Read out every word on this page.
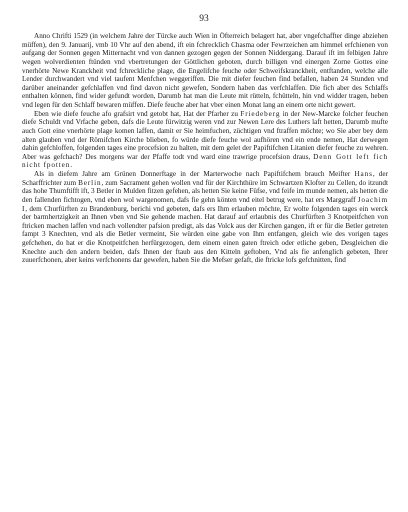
93

Anno Chrifti 1529 (in welchem Jahre der Türcke auch Wien in Öfterreich belagert hat, aber vngefchaffter dinge abziehen müffen), den 9. Januarij, vmb 10 Vhr auf den abend, ift ein fchrecklich Chasma oder Fewrzeichen am himmel erfchienen von aufgang der Sonnen gegen Mitternacht vnd von dannen gezogen gegen der Sonnen Niddergang. Darauf ift im felbigen Jahre wegen wolverdienten ftünden vnd vbertretungen der Göttlichen geboten, durch billigen vnd einergen Zorne Gottes eine vnerhörte Newe Kranckheit vnd fchreckliche plage, die Engelifche feuche oder Schweifskranckheit, entftanden, welche alle Lender durchwandert vnd viel taufent Menfchen weggeriffen. Die mit diefer feuchen find befallen, haben 24 Stunden vnd darüber aneinander gefchlaffen vnd find davon nicht gewefen, Sondern haben das verfchlaffen. Die fich aber des Schlaffs enthalten können, find wider gefundt worden, Darumb hat man die Leute mit rütteln, fchütteln, hin vnd widder tragen, heben vnd legen für den Schlaff bewaren müffen. Diefe feuche aber hat vber einen Monat lang an einem orte nicht gewert.

Eben wie diefe feuche afo grafsirt vnd getobt hat, Hat der Pfarher zu Friedeberg in der New-Marcke folcher feuchen diefe Schuldt vnd Vrfache geben, dafs die Leute fürwitzig weren vnd zur Newen Lere des Luthers laft hetten, Darumb mufte auch Gott eine vnerhörte plage komen laffen, damit er Sie heimfuchen, züchtigen vnd ftraffen möchte; wo Sie aber bey dem alten glauben vnd der Römifchen Kirche blieben, fo würde diefe feuche wol aufhören vnd ein ende nemen, Hat derwegen dahin gefchloffen, folgenden tages eine procefsion zu halten, mit dem gelet der Papiftifchen Litanien diefer feuche zu wehren. Aber was gefchach? Des morgens war der Pfaffe todt vnd ward eine trawrige procefsion draus, Denn Gott left fich nicht fpotten.

Als in diefem Jahre am Grünen Donnerftage in der Marterwoche nach Papiftifchem brauch Meifter Hans, der Scharffrichter zum Berlin, zum Sacrament gehen wollen vnd für der Kirchthüre im Schwartzen Klofter zu Cellen, do itzundt das hohe Thumftifft ift, 3 Betler in Mulden fitzen gefehen, als hetten Sie keine Füfse, vnd feife im munde nemen, als hetten die den fallenden fichtogen, vnd eben wol wargenomen, dafs fie gehn könten vnd eitel betrug were, hat ers Marggraff Joachim I, dem Churfürften zu Brandenburg, berichi vnd gebeten, dafs ers Ihm erlauben möchte, Er wolte folgenden tages ein werck der barmhertzigkeit an Ihnen vben vnd Sie gehende machen. Hat darauf auf erlaubnis des Churfürften 3 Knotpeitfchen von ftricken machen laffen vnd nach vollendter pafsion predigt, als das Volck aus der Kirchen gangen, ift er für die Betler getreten fampt 3 Knechten, vnd als die Betler vermeint, Sie würden eine gabe von Ihm entfangen, gleich wie des vorigen tages gefchehen, do hat er die Knotpeitfchen herfürgezogen, dem einem einen gaten ftreich oder etliche geben, Desgleichen die Knechte auch den andern beiden, dafs Ihnen der ftaub aus den Kitteln geftoben, Vnd als fie anfenglich gebeten, Ihrer zuuerfchonen, aber keins verfchonens dar gewefen, haben Sie die Mefser gefaft, die ftricke lofs gefchnitten, find
